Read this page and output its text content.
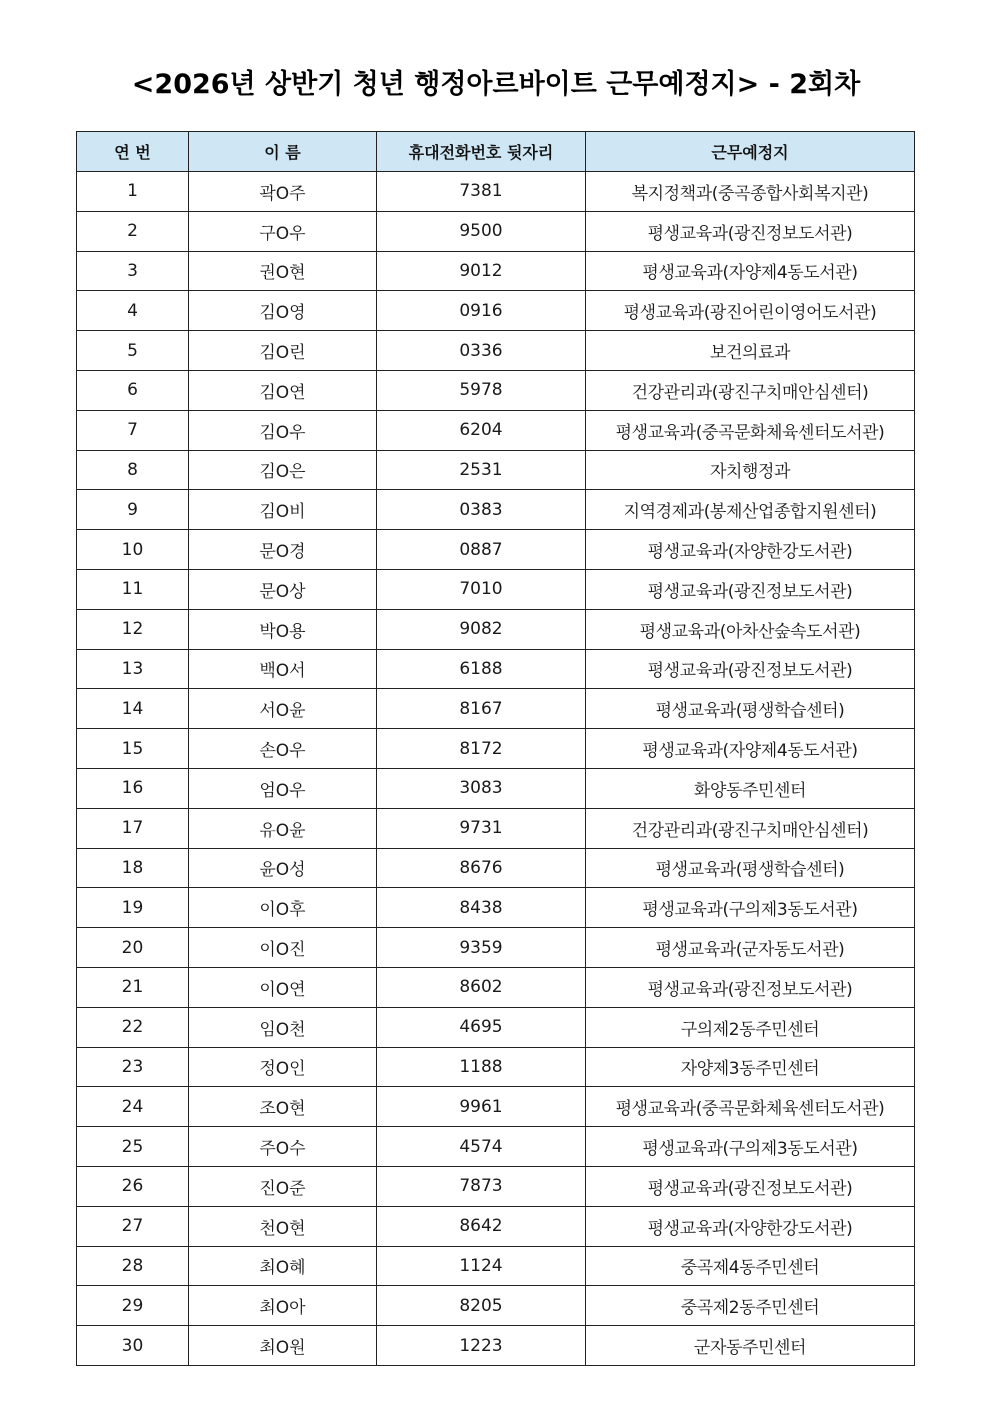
<2026년 상반기 청년 행정아르바이트 근무예정지> - 2회차
연 번	이 름	휴대전화번호 뒷자리	근무예정지
1	곽O주	7381	복지정책과(중곡종합사회복지관)
2	구O우	9500	평생교육과(광진정보도서관)
3	권O현	9012	평생교육과(자양제4동도서관)
4	김O영	0916	평생교육과(광진어린이영어도서관)
5	김O린	0336	보건의료과
6	김O연	5978	건강관리과(광진구치매안심센터)
7	김O우	6204	평생교육과(중곡문화체육센터도서관)
8	김O은	2531	자치행정과
9	김O비	0383	지역경제과(봉제산업종합지원센터)
10	문O경	0887	평생교육과(자양한강도서관)
11	문O상	7010	평생교육과(광진정보도서관)
12	박O용	9082	평생교육과(아차산숲속도서관)
13	백O서	6188	평생교육과(광진정보도서관)
14	서O윤	8167	평생교육과(평생학습센터)
15	손O우	8172	평생교육과(자양제4동도서관)
16	엄O우	3083	화양동주민센터
17	유O윤	9731	건강관리과(광진구치매안심센터)
18	윤O성	8676	평생교육과(평생학습센터)
19	이O후	8438	평생교육과(구의제3동도서관)
20	이O진	9359	평생교육과(군자동도서관)
21	이O연	8602	평생교육과(광진정보도서관)
22	임O천	4695	구의제2동주민센터
23	정O인	1188	자양제3동주민센터
24	조O현	9961	평생교육과(중곡문화체육센터도서관)
25	주O수	4574	평생교육과(구의제3동도서관)
26	진O준	7873	평생교육과(광진정보도서관)
27	천O현	8642	평생교육과(자양한강도서관)
28	최O혜	1124	중곡제4동주민센터
29	최O아	8205	중곡제2동주민센터
30	최O원	1223	군자동주민센터
